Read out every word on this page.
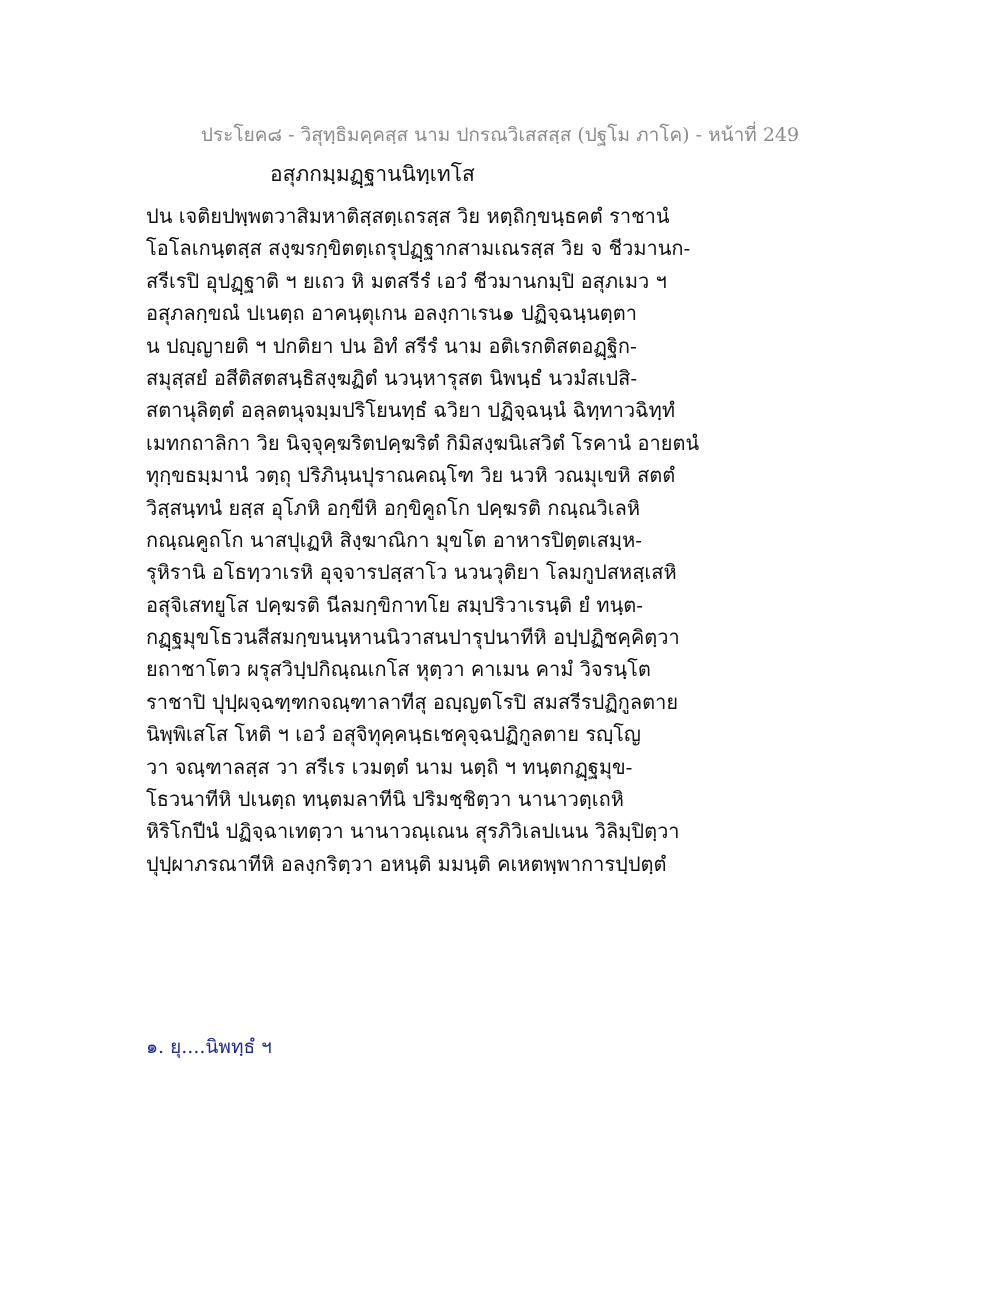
ประโยค๘ - วิสุทฺธิมคฺคสฺส นาม ปกรณวิเสสสฺส (ปฐโม ภาโค) - หน้าที่ 249
อสุภกมฺมฏฺฐานนิทฺเทโส
ปน เจติยปพฺพตวาสิมหาติสฺสตฺเถรสฺส วิย หตฺถิกฺขนฺธคตํ ราชานํ
โอโลเกนฺตสฺส สงฺฆรกฺขิตตฺเถรุปฏฺฐากสามเณรสฺส วิย จ ชีวมานก-
สรีเรปิ อุปฏฺฐาติ ฯ ยเถว หิ มตสรีรํ เอวํ ชีวมานกมฺปิ อสุภเมว ฯ
อสุภลกฺขณํ ปเนตฺถ อาคนฺตุเกน อลงฺกาเรน๑ ปฏิจฺฉนฺนตฺตา
น ปญฺญายติ ฯ ปกติยา ปน อิทํ สรีรํ นาม อติเรกติสตอฏฺฐิก-
สมุสฺสยํ อสีติสตสนฺธิสงฺฆฏิตํ นวนฺหารุสต นิพนฺธํ นวมํสเปสิ-
สตานุลิตฺตํ อลฺลตนุจมฺมปริโยนทฺธํ ฉวิยา ปฏิจฺฉนฺนํ ฉิทฺทาวฉิทฺทํ
เมทกถาลิกา วิย นิจฺจุคฺฆริตปคฺฆริตํ กิมิสงฺฆนิเสวิตํ โรคานํ อายตนํ
ทุกฺขธมฺมานํ วตฺถุ ปริภินฺนปุราณคณฺโฑ วิย นวหิ วณมุเขหิ สตตํ
วิสฺสนฺทนํ ยสฺส อุโภหิ อกฺขีหิ อกฺขิคูถโก ปคฺฆรติ กณฺณวิเลหิ
กณฺณคูถโก นาสปุเฏหิ สิงฺฆาณิกา มุขโต อาหารปิตฺตเสมฺห-
รุหิรานิ อโธทฺวาเรหิ อุจฺจารปสฺสาโว นวนวุติยา โลมกูปสหสฺเสหิ
อสุจิเสทยูโส ปคฺฆรติ นีลมกฺขิกาทโย สมฺปริวาเรนฺติ ยํ ทนฺต-
กฏฺฐมุขโธวนสีสมกฺขนนฺหานนิวาสนปารุปนาทีหิ อปฺปฏิชคฺคิตฺวา
ยถาชาโตว ผรุสวิปฺปกิณฺณเกโส หุตฺวา คาเมน คามํ วิจรนฺโต
ราชาปิ ปุปฺผจฺฉฑฺฑกจณฺฑาลาทีสุ อญฺญตโรปิ สมสรีรปฏิกูลตาย
นิพฺพิเสโส โหติ ฯ เอวํ อสุจิทุคฺคนฺธเชคุจฺฉปฏิกูลตาย รญฺโญ
วา จณฺฑาลสฺส วา สรีเร เวมตฺตํ นาม นตฺถิ ฯ ทนฺตกฏฺฐมุข-
โธวนาทีหิ ปเนตฺถ ทนฺตมลาทีนิ ปริมชฺชิตฺวา นานาวตฺเถหิ
หิริโกปีนํ ปฏิจฺฉาเทตฺวา นานาวณฺเณน สุรภิวิเลปเนน วิลิมฺปิตฺวา
ปุปฺผาภรณาทีหิ อลงฺกริตฺวา อหนฺติ มมนฺติ คเหตพฺพาการปฺปตฺตํ
๑. ยุ....นิพทฺธํ ฯ
